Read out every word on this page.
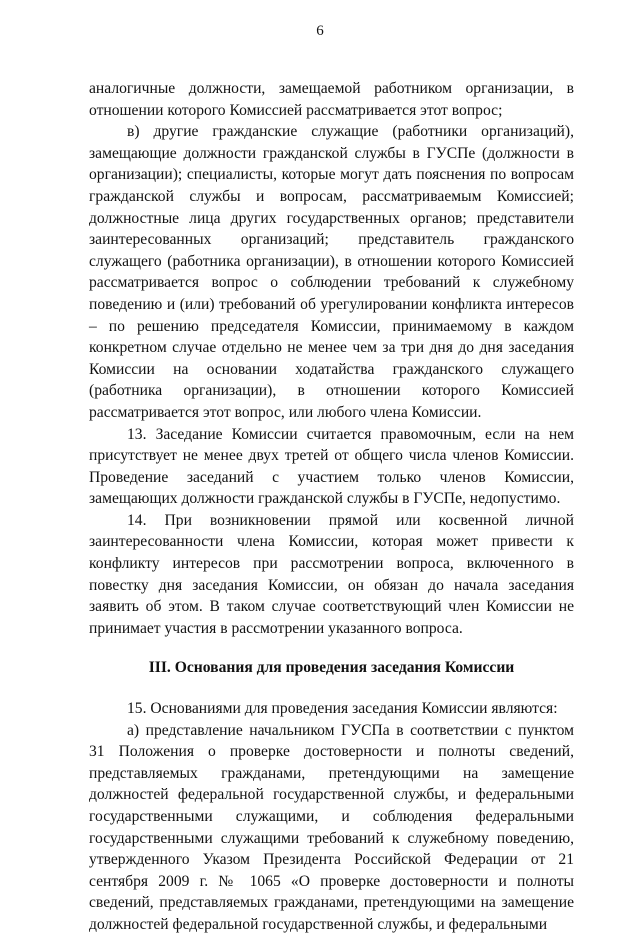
6

аналогичные должности, замещаемой работником организации, в отношении которого Комиссией рассматривается этот вопрос;

в) другие гражданские служащие (работники организаций), замещающие должности гражданской службы в ГУСПе (должности в организации); специалисты, которые могут дать пояснения по вопросам гражданской службы и вопросам, рассматриваемым Комиссией; должностные лица других государственных органов; представители заинтересованных организаций; представитель гражданского служащего (работника организации), в отношении которого Комиссией рассматривается вопрос о соблюдении требований к служебному поведению и (или) требований об урегулировании конфликта интересов – по решению председателя Комиссии, принимаемому в каждом конкретном случае отдельно не менее чем за три дня до дня заседания Комиссии на основании ходатайства гражданского служащего (работника организации), в отношении которого Комиссией рассматривается этот вопрос, или любого члена Комиссии.

13. Заседание Комиссии считается правомочным, если на нем присутствует не менее двух третей от общего числа членов Комиссии. Проведение заседаний с участием только членов Комиссии, замещающих должности гражданской службы в ГУСПе, недопустимо.

14. При возникновении прямой или косвенной личной заинтересованности члена Комиссии, которая может привести к конфликту интересов при рассмотрении вопроса, включенного в повестку дня заседания Комиссии, он обязан до начала заседания заявить об этом. В таком случае соответствующий член Комиссии не принимает участия в рассмотрении указанного вопроса.

III. Основания для проведения заседания Комиссии

15. Основаниями для проведения заседания Комиссии являются:

а) представление начальником ГУСПа в соответствии с пунктом 31 Положения о проверке достоверности и полноты сведений, представляемых гражданами, претендующими на замещение должностей федеральной государственной службы, и федеральными государственными служащими, и соблюдения федеральными государственными служащими требований к служебному поведению, утвержденного Указом Президента Российской Федерации от 21 сентября 2009 г. № 1065 «О проверке достоверности и полноты сведений, представляемых гражданами, претендующими на замещение должностей федеральной государственной службы, и федеральными
